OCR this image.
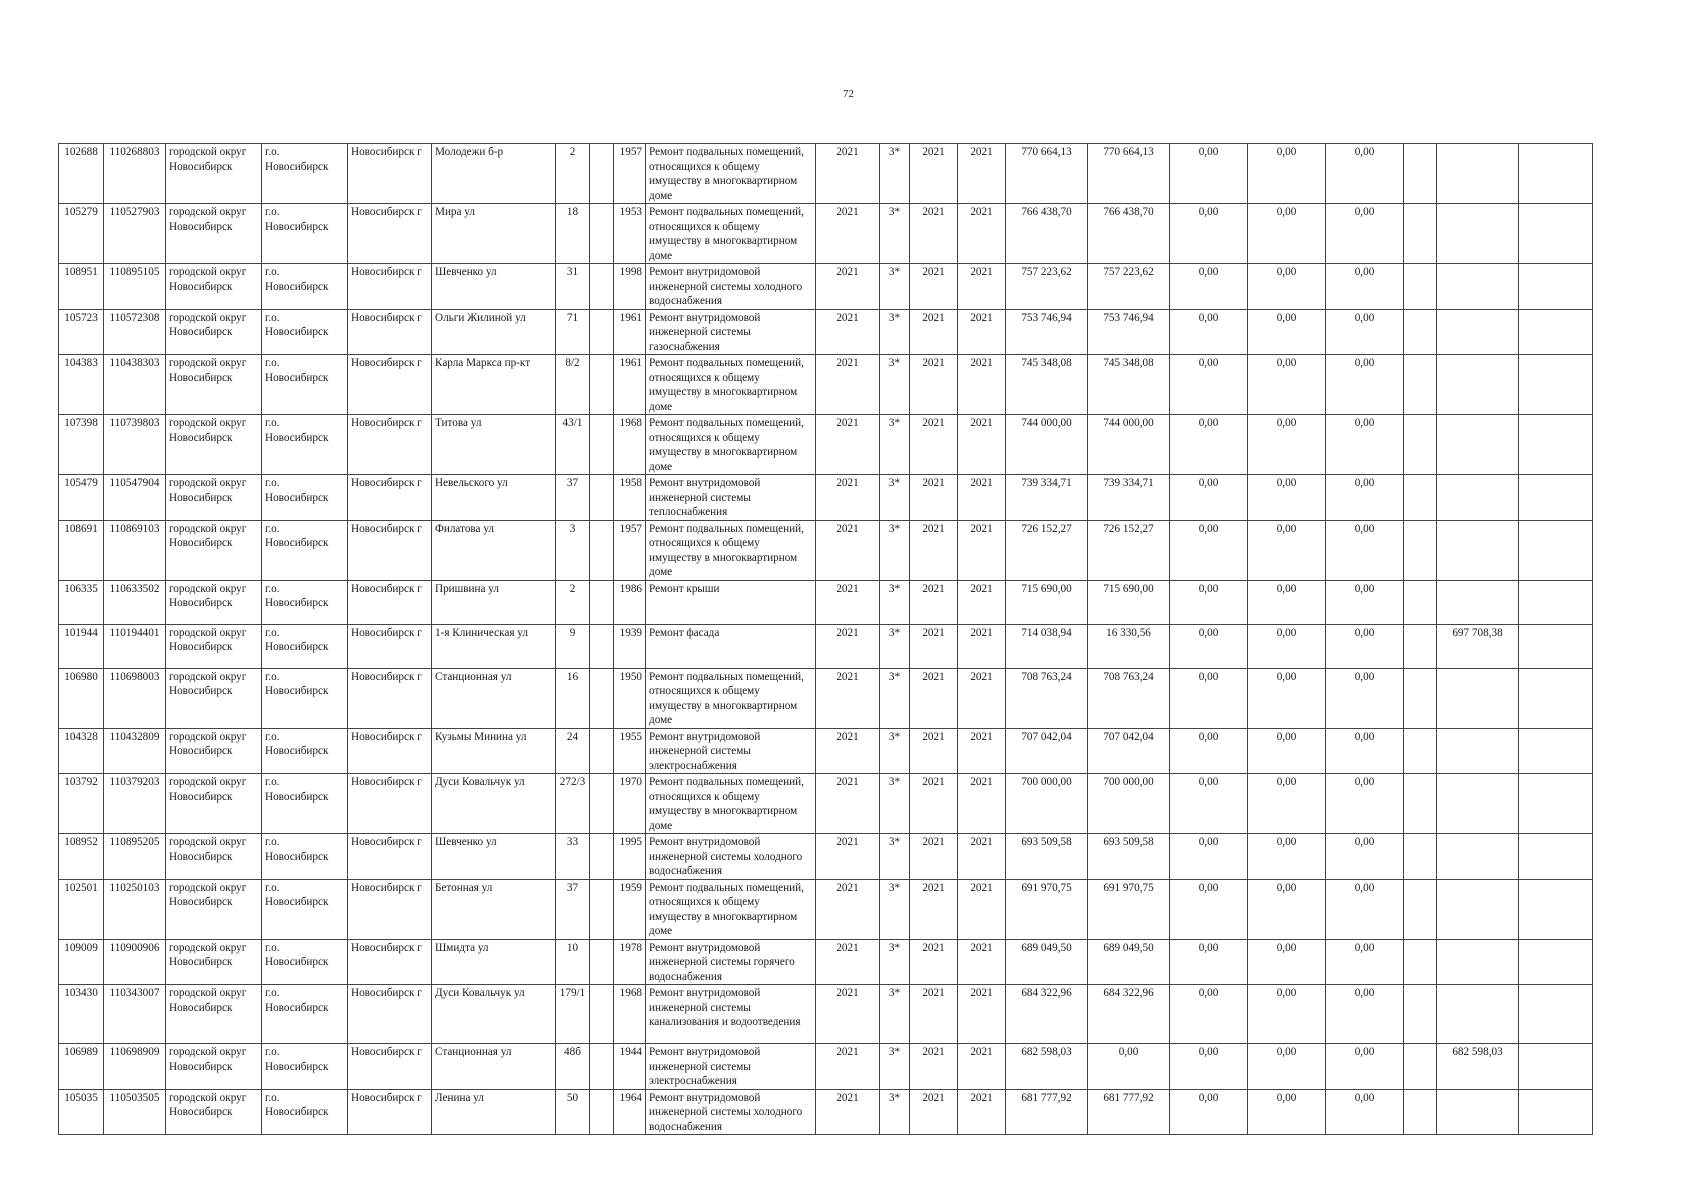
72
102688	110268803	городской округ Новосибирск	г.о. Новосибирск	Новосибирск г	Молодежи б-р	2		1957	Ремонт подвальных помещений, относящихся к общему имуществу в многоквартирном доме	2021	3*	2021	2021	770 664,13	770 664,13	0,00	0,00	0,00			
105279	110527903	городской округ Новосибирск	г.о. Новосибирск	Новосибирск г	Мира ул	18		1953	Ремонт подвальных помещений, относящихся к общему имуществу в многоквартирном доме	2021	3*	2021	2021	766 438,70	766 438,70	0,00	0,00	0,00			
108951	110895105	городской округ Новосибирск	г.о. Новосибирск	Новосибирск г	Шевченко ул	31		1998	Ремонт внутридомовой инженерной системы холодного водоснабжения	2021	3*	2021	2021	757 223,62	757 223,62	0,00	0,00	0,00			
105723	110572308	городской округ Новосибирск	г.о. Новосибирск	Новосибирск г	Ольги Жилиной ул	71		1961	Ремонт внутридомовой инженерной системы газоснабжения	2021	3*	2021	2021	753 746,94	753 746,94	0,00	0,00	0,00			
104383	110438303	городской округ Новосибирск	г.о. Новосибирск	Новосибирск г	Карла Маркса пр-кт	8/2		1961	Ремонт подвальных помещений, относящихся к общему имуществу в многоквартирном доме	2021	3*	2021	2021	745 348,08	745 348,08	0,00	0,00	0,00			
107398	110739803	городской округ Новосибирск	г.о. Новосибирск	Новосибирск г	Титова ул	43/1		1968	Ремонт подвальных помещений, относящихся к общему имуществу в многоквартирном доме	2021	3*	2021	2021	744 000,00	744 000,00	0,00	0,00	0,00			
105479	110547904	городской округ Новосибирск	г.о. Новосибирск	Новосибирск г	Невельского ул	37		1958	Ремонт внутридомовой инженерной системы теплоснабжения	2021	3*	2021	2021	739 334,71	739 334,71	0,00	0,00	0,00			
108691	110869103	городской округ Новосибирск	г.о. Новосибирск	Новосибирск г	Филатова ул	3		1957	Ремонт подвальных помещений, относящихся к общему имуществу в многоквартирном доме	2021	3*	2021	2021	726 152,27	726 152,27	0,00	0,00	0,00			
106335	110633502	городской округ Новосибирск	г.о. Новосибирск	Новосибирск г	Пришвина ул	2		1986	Ремонт крыши	2021	3*	2021	2021	715 690,00	715 690,00	0,00	0,00	0,00			
101944	110194401	городской округ Новосибирск	г.о. Новосибирск	Новосибирск г	1-я Клиническая ул	9		1939	Ремонт фасада	2021	3*	2021	2021	714 038,94	16 330,56	0,00	0,00	0,00		697 708,38	
106980	110698003	городской округ Новосибирск	г.о. Новосибирск	Новосибирск г	Станционная ул	16		1950	Ремонт подвальных помещений, относящихся к общему имуществу в многоквартирном доме	2021	3*	2021	2021	708 763,24	708 763,24	0,00	0,00	0,00			
104328	110432809	городской округ Новосибирск	г.о. Новосибирск	Новосибирск г	Кузьмы Минина ул	24		1955	Ремонт внутридомовой инженерной системы электроснабжения	2021	3*	2021	2021	707 042,04	707 042,04	0,00	0,00	0,00			
103792	110379203	городской округ Новосибирск	г.о. Новосибирск	Новосибирск г	Дуси Ковальчук ул	272/3		1970	Ремонт подвальных помещений, относящихся к общему имуществу в многоквартирном доме	2021	3*	2021	2021	700 000,00	700 000,00	0,00	0,00	0,00			
108952	110895205	городской округ Новосибирск	г.о. Новосибирск	Новосибирск г	Шевченко ул	33		1995	Ремонт внутридомовой инженерной системы холодного водоснабжения	2021	3*	2021	2021	693 509,58	693 509,58	0,00	0,00	0,00			
102501	110250103	городской округ Новосибирск	г.о. Новосибирск	Новосибирск г	Бетонная ул	37		1959	Ремонт подвальных помещений, относящихся к общему имуществу в многоквартирном доме	2021	3*	2021	2021	691 970,75	691 970,75	0,00	0,00	0,00			
109009	110900906	городской округ Новосибирск	г.о. Новосибирск	Новосибирск г	Шмидта ул	10		1978	Ремонт внутридомовой инженерной системы горячего водоснабжения	2021	3*	2021	2021	689 049,50	689 049,50	0,00	0,00	0,00			
103430	110343007	городской округ Новосибирск	г.о. Новосибирск	Новосибирск г	Дуси Ковальчук ул	179/1		1968	Ремонт внутридомовой инженерной системы канализования и водоотведения	2021	3*	2021	2021	684 322,96	684 322,96	0,00	0,00	0,00			
106989	110698909	городской округ Новосибирск	г.о. Новосибирск	Новосибирск г	Станционная ул	48б		1944	Ремонт внутридомовой инженерной системы электроснабжения	2021	3*	2021	2021	682 598,03	0,00	0,00	0,00	0,00		682 598,03	
105035	110503505	городской округ Новосибирск	г.о. Новосибирск	Новосибирск г	Ленина ул	50		1964	Ремонт внутридомовой инженерной системы холодного водоснабжения	2021	3*	2021	2021	681 777,92	681 777,92	0,00	0,00	0,00			
